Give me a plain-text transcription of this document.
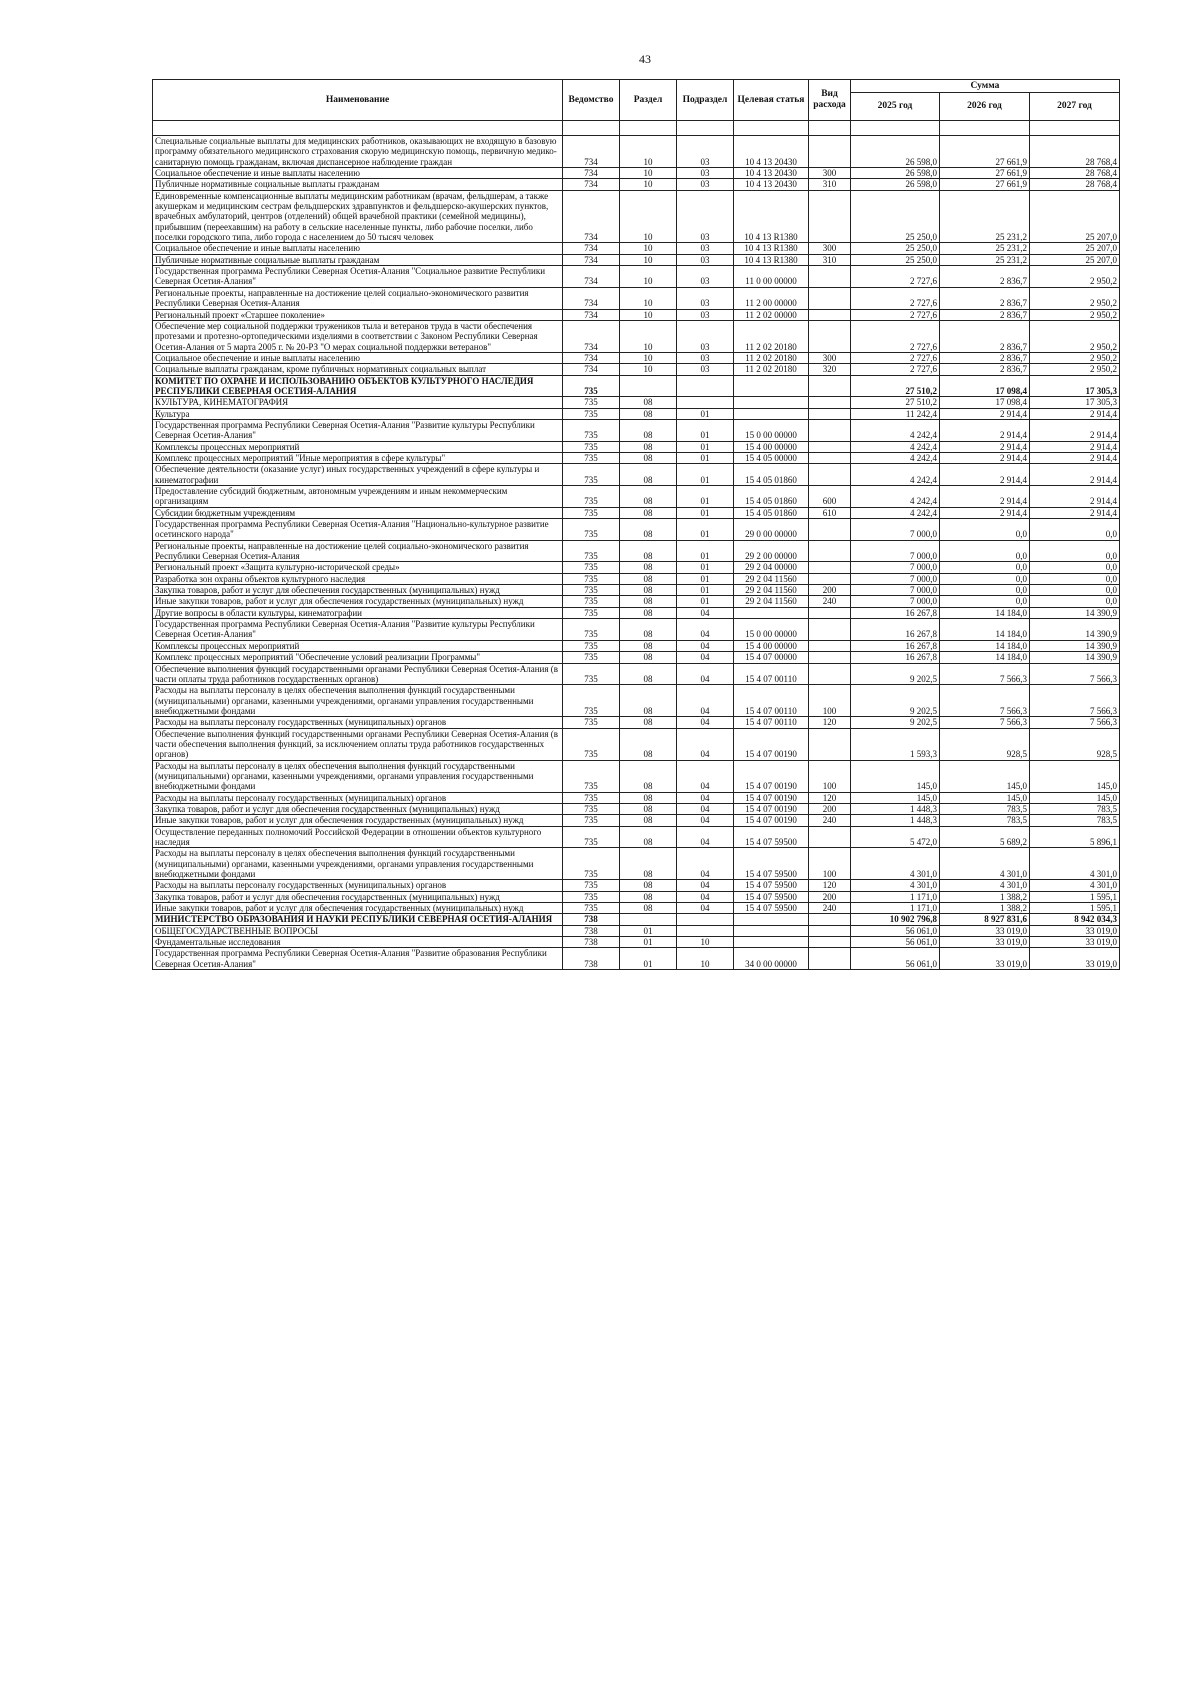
43
Наименование	Ведомство	Раздел	Подраздел	Целевая статья	Вид расхода	Сумма		
						2025 год	2026 год	2027 год

Специальные социальные выплаты для медицинских работников, оказывающих не входящую в базовую программу обязательного медицинского страхования скорую медицинскую помощь, первичную медико-санитарную помощь гражданам, включая диспансерное наблюдение граждан	734	10	03	10 4 13 20430		26 598,0	27 661,9	28 768,4
Социальное обеспечение и иные выплаты населению	734	10	03	10 4 13 20430	300	26 598,0	27 661,9	28 768,4
Публичные нормативные социальные выплаты гражданам	734	10	03	10 4 13 20430	310	26 598,0	27 661,9	28 768,4
Единовременные компенсационные выплаты медицинским работникам (врачам, фельдшерам, а также акушеркам и медицинским сестрам фельдшерских здравпунктов и фельдшерско-акушерских пунктов, врачебных амбулаторий, центров (отделений) общей врачебной практики (семейной медицины), прибывшим (переехавшим) на работу в сельские населенные пункты, либо рабочие поселки, либо поселки городского типа, либо города с населением до 50 тысяч человек	734	10	03	10 4 13 R1380		25 250,0	25 231,2	25 207,0
Социальное обеспечение и иные выплаты населению	734	10	03	10 4 13 R1380	300	25 250,0	25 231,2	25 207,0
Публичные нормативные социальные выплаты гражданам	734	10	03	10 4 13 R1380	310	25 250,0	25 231,2	25 207,0
Государственная программа Республики Северная Осетия-Алания "Социальное развитие Республики Северная Осетия-Алания"	734	10	03	11 0 00 00000		2 727,6	2 836,7	2 950,2
Региональные проекты, направленные на достижение целей социально-экономического развития Республики Северная Осетия-Алания	734	10	03	11 2 00 00000		2 727,6	2 836,7	2 950,2
Региональный проект «Старшее поколение»	734	10	03	11 2 02 00000		2 727,6	2 836,7	2 950,2
Обеспечение мер социальной поддержки тружеников тыла и ветеранов труда в части обеспечения протезами и протезно-ортопедическими изделиями в соответствии с Законом Республики Северная Осетия-Алания от 5 марта 2005 г. № 20-РЗ "О мерах социальной поддержки ветеранов"	734	10	03	11 2 02 20180		2 727,6	2 836,7	2 950,2
Социальное обеспечение и иные выплаты населению	734	10	03	11 2 02 20180	300	2 727,6	2 836,7	2 950,2
Социальные выплаты гражданам, кроме публичных нормативных социальных выплат	734	10	03	11 2 02 20180	320	2 727,6	2 836,7	2 950,2
КОМИТЕТ ПО ОХРАНЕ И ИСПОЛЬЗОВАНИЮ ОБЪЕКТОВ КУЛЬТУРНОГО НАСЛЕДИЯ РЕСПУБЛИКИ СЕВЕРНАЯ ОСЕТИЯ-АЛАНИЯ	735					27 510,2	17 098,4	17 305,3
КУЛЬТУРА, КИНЕМАТОГРАФИЯ	735	08				27 510,2	17 098,4	17 305,3
Культура	735	08	01			11 242,4	2 914,4	2 914,4
Государственная программа Республики Северная Осетия-Алания "Развитие культуры Республики Северная Осетия-Алания"	735	08	01	15 0 00 00000		4 242,4	2 914,4	2 914,4
Комплексы процессных мероприятий	735	08	01	15 4 00 00000		4 242,4	2 914,4	2 914,4
Комплекс процессных мероприятий "Иные мероприятия в сфере культуры"	735	08	01	15 4 05 00000		4 242,4	2 914,4	2 914,4
Обеспечение деятельности (оказание услуг) иных государственных учреждений в сфере культуры и кинематографии	735	08	01	15 4 05 01860		4 242,4	2 914,4	2 914,4
Предоставление субсидий бюджетным, автономным учреждениям и иным некоммерческим организациям	735	08	01	15 4 05 01860	600	4 242,4	2 914,4	2 914,4
Субсидии бюджетным учреждениям	735	08	01	15 4 05 01860	610	4 242,4	2 914,4	2 914,4
Государственная программа Республики Северная Осетия-Алания "Национально-культурное развитие осетинского народа"	735	08	01	29 0 00 00000		7 000,0	0,0	0,0
Региональные проекты, направленные на достижение целей социально-экономического развития Республики Северная Осетия-Алания	735	08	01	29 2 00 00000		7 000,0	0,0	0,0
Региональный проект «Защита культурно-исторической среды»	735	08	01	29 2 04 00000		7 000,0	0,0	0,0
Разработка зон охраны объектов культурного наследия	735	08	01	29 2 04 11560		7 000,0	0,0	0,0
Закупка товаров, работ и услуг для обеспечения государственных (муниципальных) нужд	735	08	01	29 2 04 11560	200	7 000,0	0,0	0,0
Иные закупки товаров, работ и услуг для обеспечения государственных (муниципальных) нужд	735	08	01	29 2 04 11560	240	7 000,0	0,0	0,0
Другие вопросы в области культуры, кинематографии	735	08	04			16 267,8	14 184,0	14 390,9
Государственная программа Республики Северная Осетия-Алания "Развитие культуры Республики Северная Осетия-Алания"	735	08	04	15 0 00 00000		16 267,8	14 184,0	14 390,9
Комплексы процессных мероприятий	735	08	04	15 4 00 00000		16 267,8	14 184,0	14 390,9
Комплекс процессных мероприятий "Обеспечение условий реализации Программы"	735	08	04	15 4 07 00000		16 267,8	14 184,0	14 390,9
Обеспечение выполнения функций государственными органами Республики Северная Осетия-Алания (в части оплаты труда работников государственных органов)	735	08	04	15 4 07 00110		9 202,5	7 566,3	7 566,3
Расходы на выплаты персоналу в целях обеспечения выполнения функций государственными (муниципальными) органами, казенными учреждениями, органами управления государственными внебюджетными фондами	735	08	04	15 4 07 00110	100	9 202,5	7 566,3	7 566,3
Расходы на выплаты персоналу государственных (муниципальных) органов	735	08	04	15 4 07 00110	120	9 202,5	7 566,3	7 566,3
Обеспечение выполнения функций государственными органами Республики Северная Осетия-Алания (в части обеспечения выполнения функций, за исключением оплаты труда работников государственных органов)	735	08	04	15 4 07 00190		1 593,3	928,5	928,5
Расходы на выплаты персоналу в целях обеспечения выполнения функций государственными (муниципальными) органами, казенными учреждениями, органами управления государственными внебюджетными фондами	735	08	04	15 4 07 00190	100	145,0	145,0	145,0
Расходы на выплаты персоналу государственных (муниципальных) органов	735	08	04	15 4 07 00190	120	145,0	145,0	145,0
Закупка товаров, работ и услуг для обеспечения государственных (муниципальных) нужд	735	08	04	15 4 07 00190	200	1 448,3	783,5	783,5
Иные закупки товаров, работ и услуг для обеспечения государственных (муниципальных) нужд	735	08	04	15 4 07 00190	240	1 448,3	783,5	783,5
Осуществление переданных полномочий Российской Федерации в отношении объектов культурного наследия	735	08	04	15 4 07 59500		5 472,0	5 689,2	5 896,1
Расходы на выплаты персоналу в целях обеспечения выполнения функций государственными (муниципальными) органами, казенными учреждениями, органами управления государственными внебюджетными фондами	735	08	04	15 4 07 59500	100	4 301,0	4 301,0	4 301,0
Расходы на выплаты персоналу государственных (муниципальных) органов	735	08	04	15 4 07 59500	120	4 301,0	4 301,0	4 301,0
Закупка товаров, работ и услуг для обеспечения государственных (муниципальных) нужд	735	08	04	15 4 07 59500	200	1 171,0	1 388,2	1 595,1
Иные закупки товаров, работ и услуг для обеспечения государственных (муниципальных) нужд	735	08	04	15 4 07 59500	240	1 171,0	1 388,2	1 595,1
МИНИСТЕРСТВО ОБРАЗОВАНИЯ И НАУКИ РЕСПУБЛИКИ СЕВЕРНАЯ ОСЕТИЯ-АЛАНИЯ	738					10 902 796,8	8 927 831,6	8 942 034,3
ОБЩЕГОСУДАРСТВЕННЫЕ ВОПРОСЫ	738	01				56 061,0	33 019,0	33 019,0
Фундаментальные исследования	738	01	10			56 061,0	33 019,0	33 019,0
Государственная программа Республики Северная Осетия-Алания "Развитие образования Республики Северная Осетия-Алания"	738	01	10	34 0 00 00000		56 061,0	33 019,0	33 019,0
